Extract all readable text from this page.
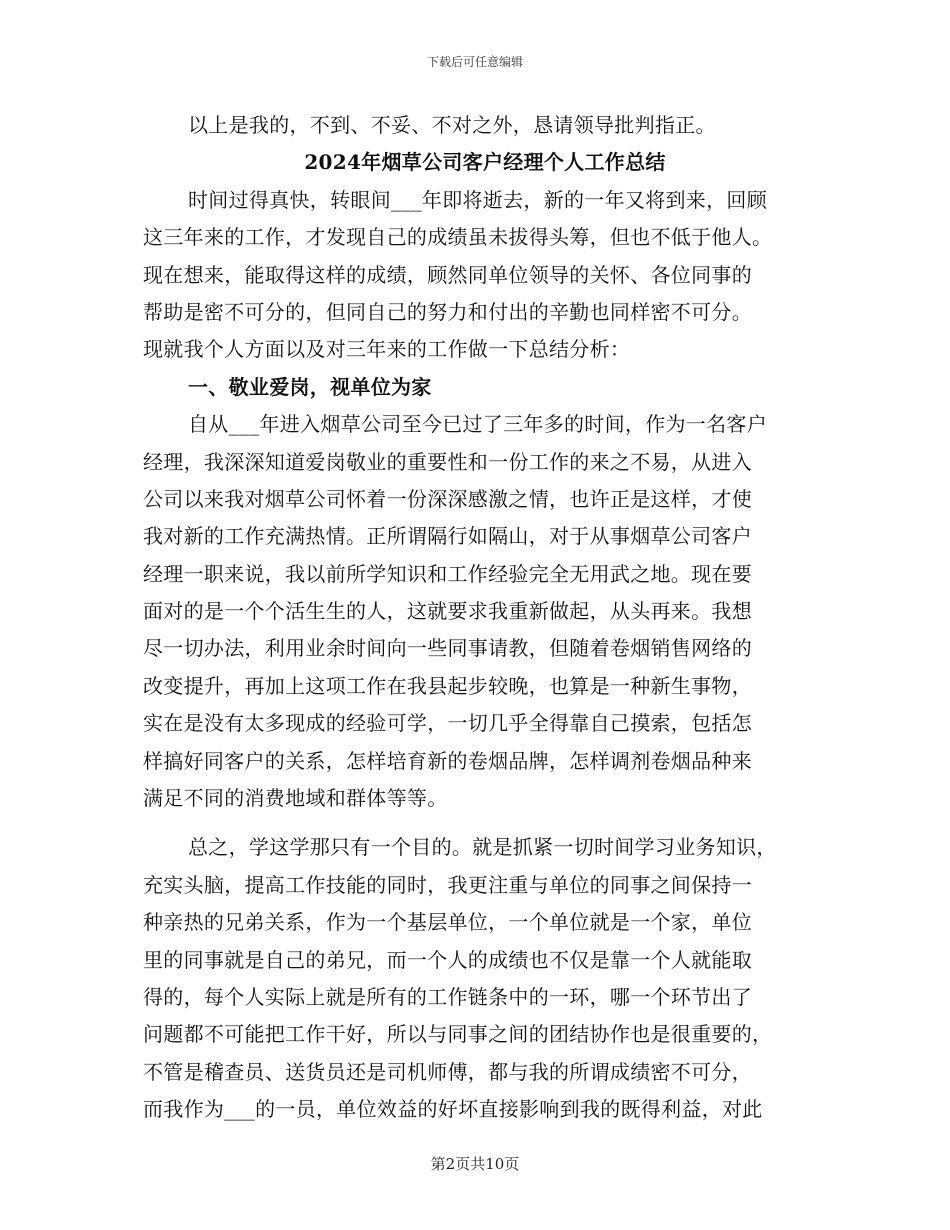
下载后可任意编辑
以上是我的，不到、不妥、不对之外，恳请领导批判指正。
2024年烟草公司客户经理个人工作总结
时间过得真快，转眼间___年即将逝去，新的一年又将到来，回顾
这三年来的工作，才发现自己的成绩虽未拔得头筹，但也不低于他人。
现在想来，能取得这样的成绩，顾然同单位领导的关怀、各位同事的
帮助是密不可分的，但同自己的努力和付出的辛勤也同样密不可分。
现就我个人方面以及对三年来的工作做一下总结分析：
一、敬业爱岗，视单位为家
自从___年进入烟草公司至今已过了三年多的时间，作为一名客户
经理，我深深知道爱岗敬业的重要性和一份工作的来之不易，从进入
公司以来我对烟草公司怀着一份深深感激之情，也许正是这样，才使
我对新的工作充满热情。正所谓隔行如隔山，对于从事烟草公司客户
经理一职来说，我以前所学知识和工作经验完全无用武之地。现在要
面对的是一个个活生生的人，这就要求我重新做起，从头再来。我想
尽一切办法，利用业余时间向一些同事请教，但随着卷烟销售网络的
改变提升，再加上这项工作在我县起步较晚，也算是一种新生事物，
实在是没有太多现成的经验可学，一切几乎全得靠自己摸索，包括怎
样搞好同客户的关系，怎样培育新的卷烟品牌，怎样调剂卷烟品种来
满足不同的消费地域和群体等等。
总之，学这学那只有一个目的。就是抓紧一切时间学习业务知识，
充实头脑，提高工作技能的同时，我更注重与单位的同事之间保持一
种亲热的兄弟关系，作为一个基层单位，一个单位就是一个家，单位
里的同事就是自己的弟兄，而一个人的成绩也不仅是靠一个人就能取
得的，每个人实际上就是所有的工作链条中的一环，哪一个环节出了
问题都不可能把工作干好，所以与同事之间的团结协作也是很重要的，
不管是稽查员、送货员还是司机师傅，都与我的所谓成绩密不可分，
而我作为___的一员，单位效益的好坏直接影响到我的既得利益，对此
第2页共10页
